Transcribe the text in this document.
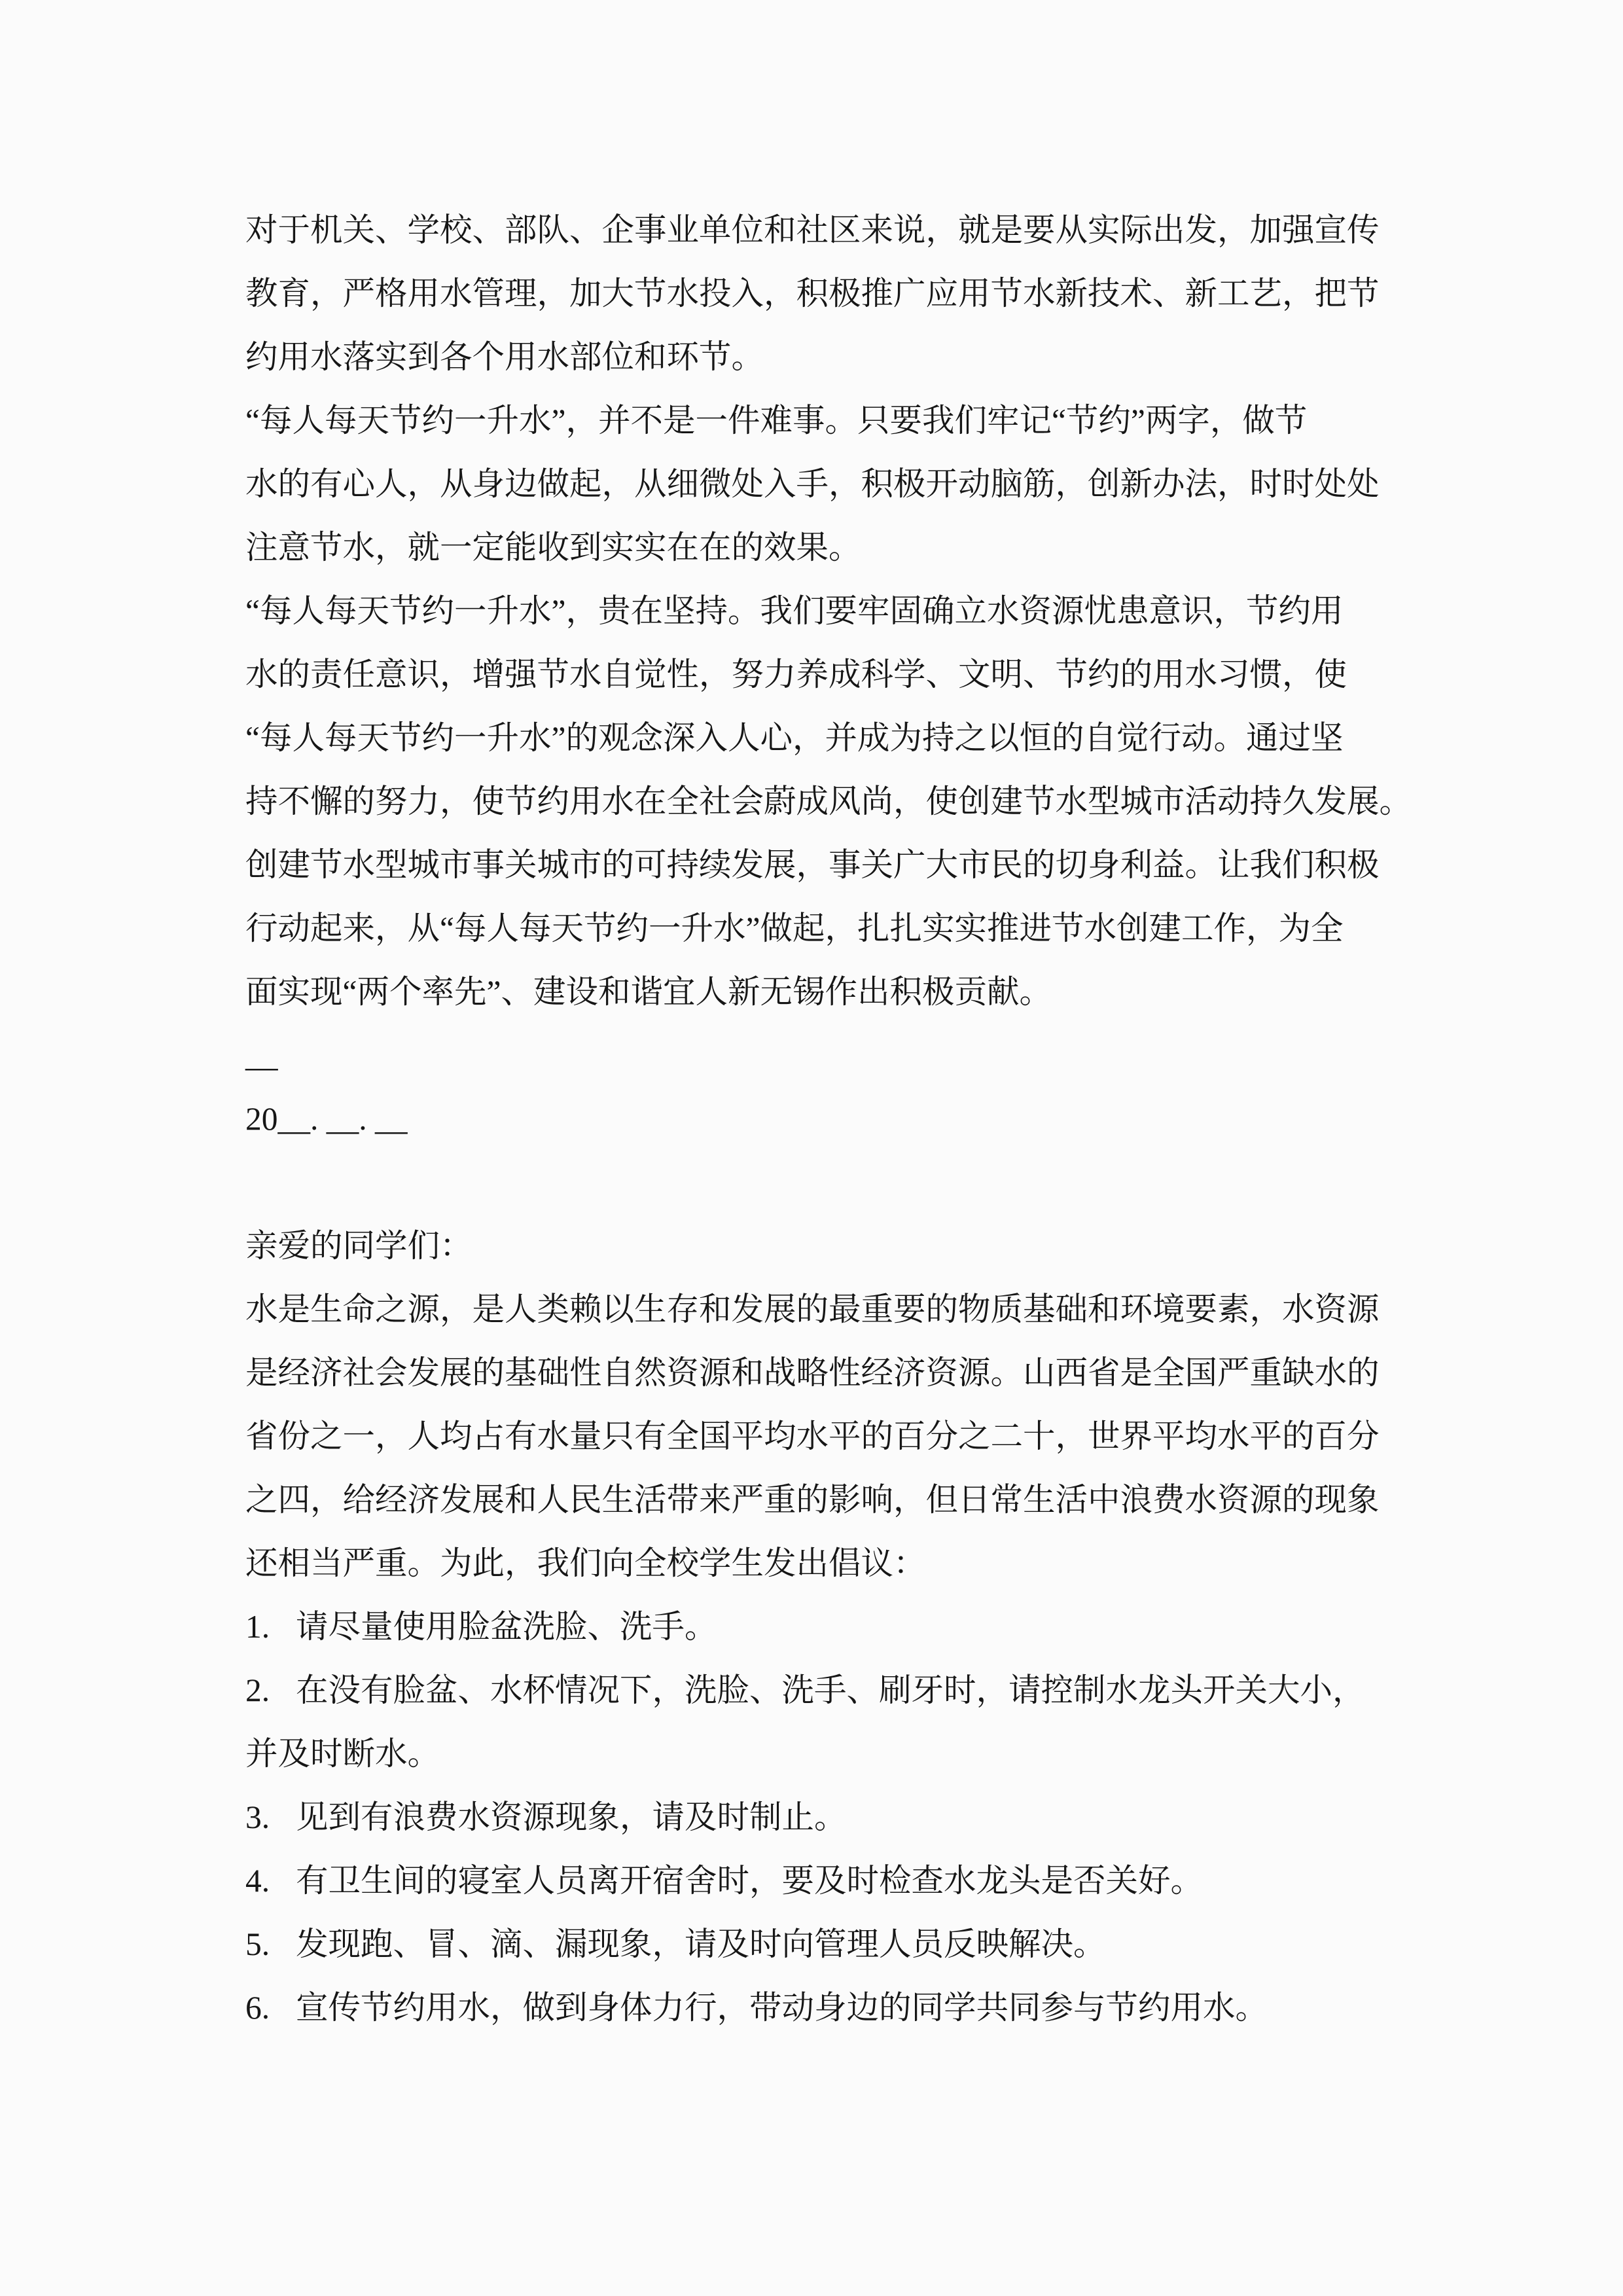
对于机关、学校、部队、企事业单位和社区来说，就是要从实际出发，加强宣传
教育，严格用水管理，加大节水投入，积极推广应用节水新技术、新工艺，把节
约用水落实到各个用水部位和环节。

“每人每天节约一升水”，并不是一件难事。只要我们牢记“节约”两字，做节
水的有心人，从身边做起，从细微处入手，积极开动脑筋，创新办法，时时处处
注意节水，就一定能收到实实在在的效果。

“每人每天节约一升水”，贵在坚持。我们要牢固确立水资源忧患意识，节约用
水的责任意识，增强节水自觉性，努力养成科学、文明、节约的用水习惯，使
“每人每天节约一升水”的观念深入人心，并成为持之以恒的自觉行动。通过坚
持不懈的努力，使节约用水在全社会蔚成风尚，使创建节水型城市活动持久发展。
创建节水型城市事关城市的可持续发展，事关广大市民的切身利益。让我们积极
行动起来，从“每人每天节约一升水”做起，扎扎实实推进节水创建工作，为全
面实现“两个率先”、建设和谐宜人新无锡作出积极贡献。

__

20__. __. __

亲爱的同学们：

水是生命之源，是人类赖以生存和发展的最重要的物质基础和环境要素，水资源
是经济社会发展的基础性自然资源和战略性经济资源。山西省是全国严重缺水的
省份之一，人均占有水量只有全国平均水平的百分之二十，世界平均水平的百分
之四，给经济发展和人民生活带来严重的影响，但日常生活中浪费水资源的现象
还相当严重。为此，我们向全校学生发出倡议：

1. 请尽量使用脸盆洗脸、洗手。

2. 在没有脸盆、水杯情况下，洗脸、洗手、刷牙时，请控制水龙头开关大小，
并及时断水。

3. 见到有浪费水资源现象，请及时制止。

4. 有卫生间的寝室人员离开宿舍时，要及时检查水龙头是否关好。

5. 发现跑、冒、滴、漏现象，请及时向管理人员反映解决。

6. 宣传节约用水，做到身体力行，带动身边的同学共同参与节约用水。
